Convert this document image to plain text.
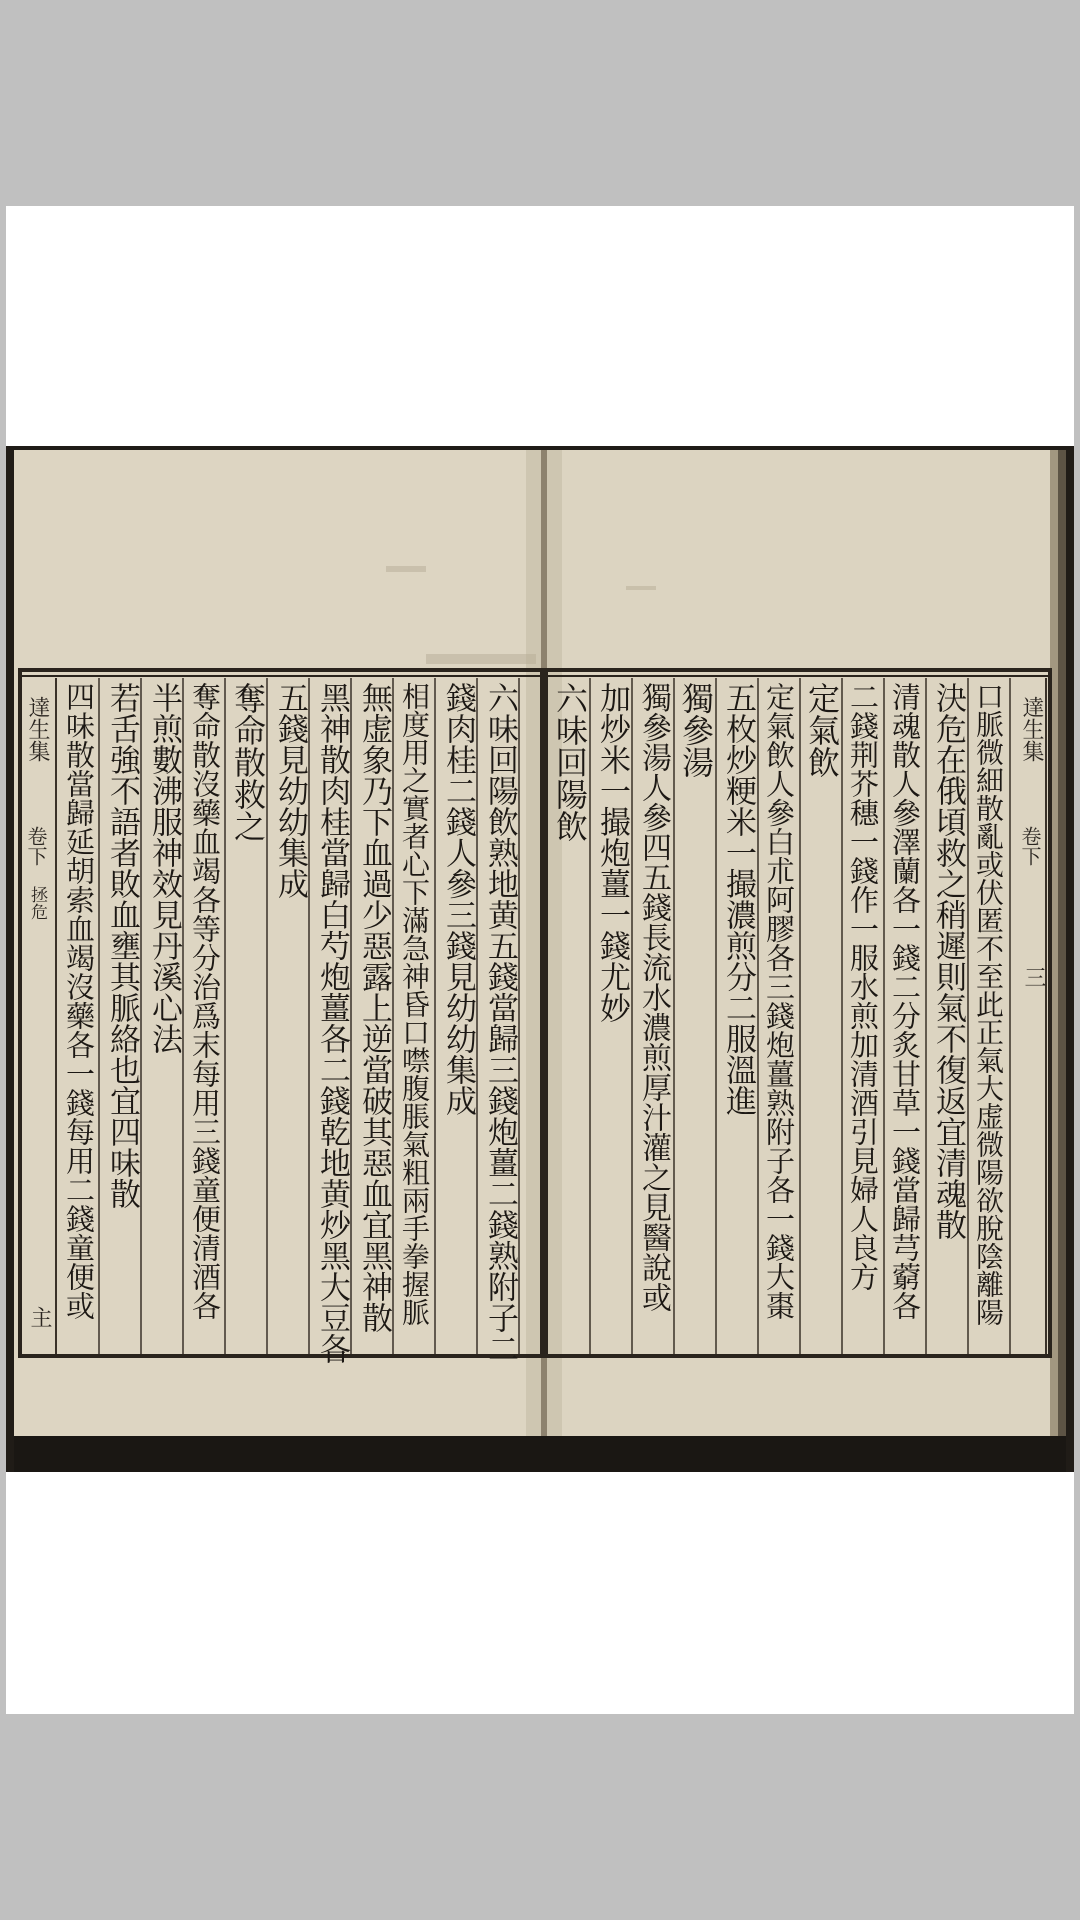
達生集
卷下
拯危
主	六味回陽飲熟地黄五錢當歸三錢炮薑二錢熟附子二
錢肉桂二錢人參三錢見幼幼集成
相度用之實者心下滿急神昏口噤腹脹氣粗兩手拳握脈
無虚象乃下血過少惡露上逆當破其惡血宜黑神散
黑神散肉桂當歸白芍炮薑各二錢乾地黄炒黑大豆各
五錢見幼幼集成
奪命散救之
奪命散沒藥血竭各等分治爲末每用三錢童便清酒各
半煎數沸服神效見丹溪心法
若舌強不語者敗血壅其脈絡也宜四味散
四味散當歸延胡索血竭沒藥各一錢每用二錢童便或	達生集
卷下
三
口脈微細散亂或伏匿不至此正氣大虚微陽欲脫陰離陽
決危在俄頃救之稍遲則氣不復返宜清魂散
清魂散人參澤蘭各一錢二分炙甘草一錢當歸芎藭各
二錢荆芥穗一錢作一服水煎加清酒引見婦人良方
定氣飲
定氣飲人參白朮阿膠各三錢炮薑熟附子各一錢大棗
五枚炒粳米一撮濃煎分二服溫進
獨參湯
獨參湯人參四五錢長流水濃煎厚汁灌之見醫說或
加炒米一撮炮薑一錢尤妙
六味回陽飲
